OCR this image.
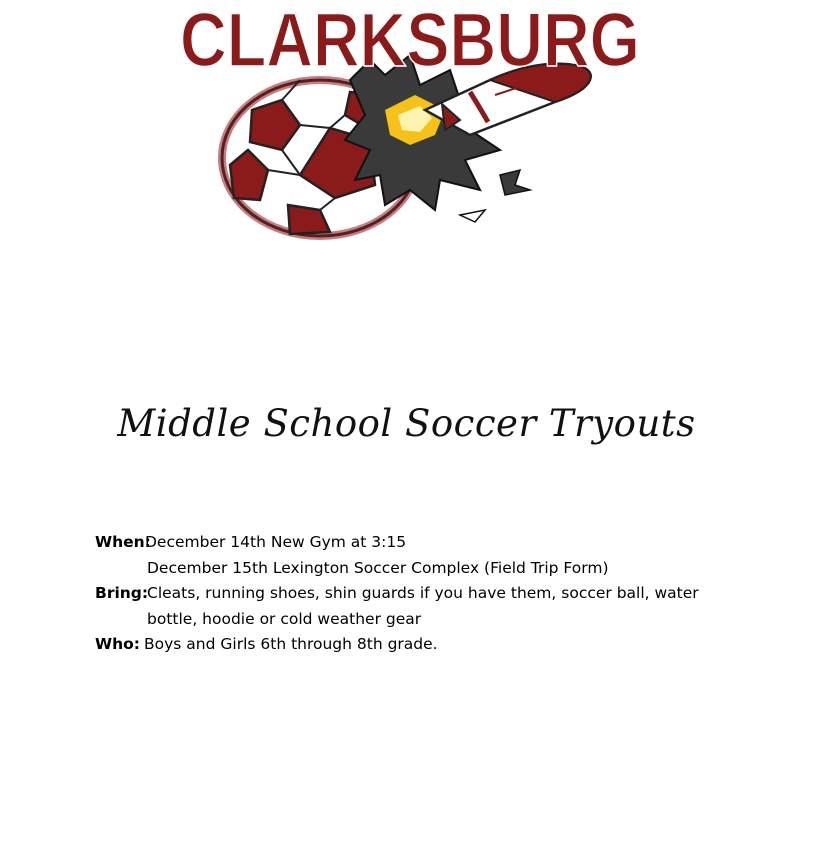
CLARKSBURG
Middle School Soccer Tryouts
When:
December 14th New Gym at 3:15
December 15th Lexington Soccer Complex (Field Trip Form)
Bring:
Cleats, running shoes, shin guards if you have them, soccer ball, water
bottle, hoodie or cold weather gear
Who: Boys and Girls 6th through 8th grade.
